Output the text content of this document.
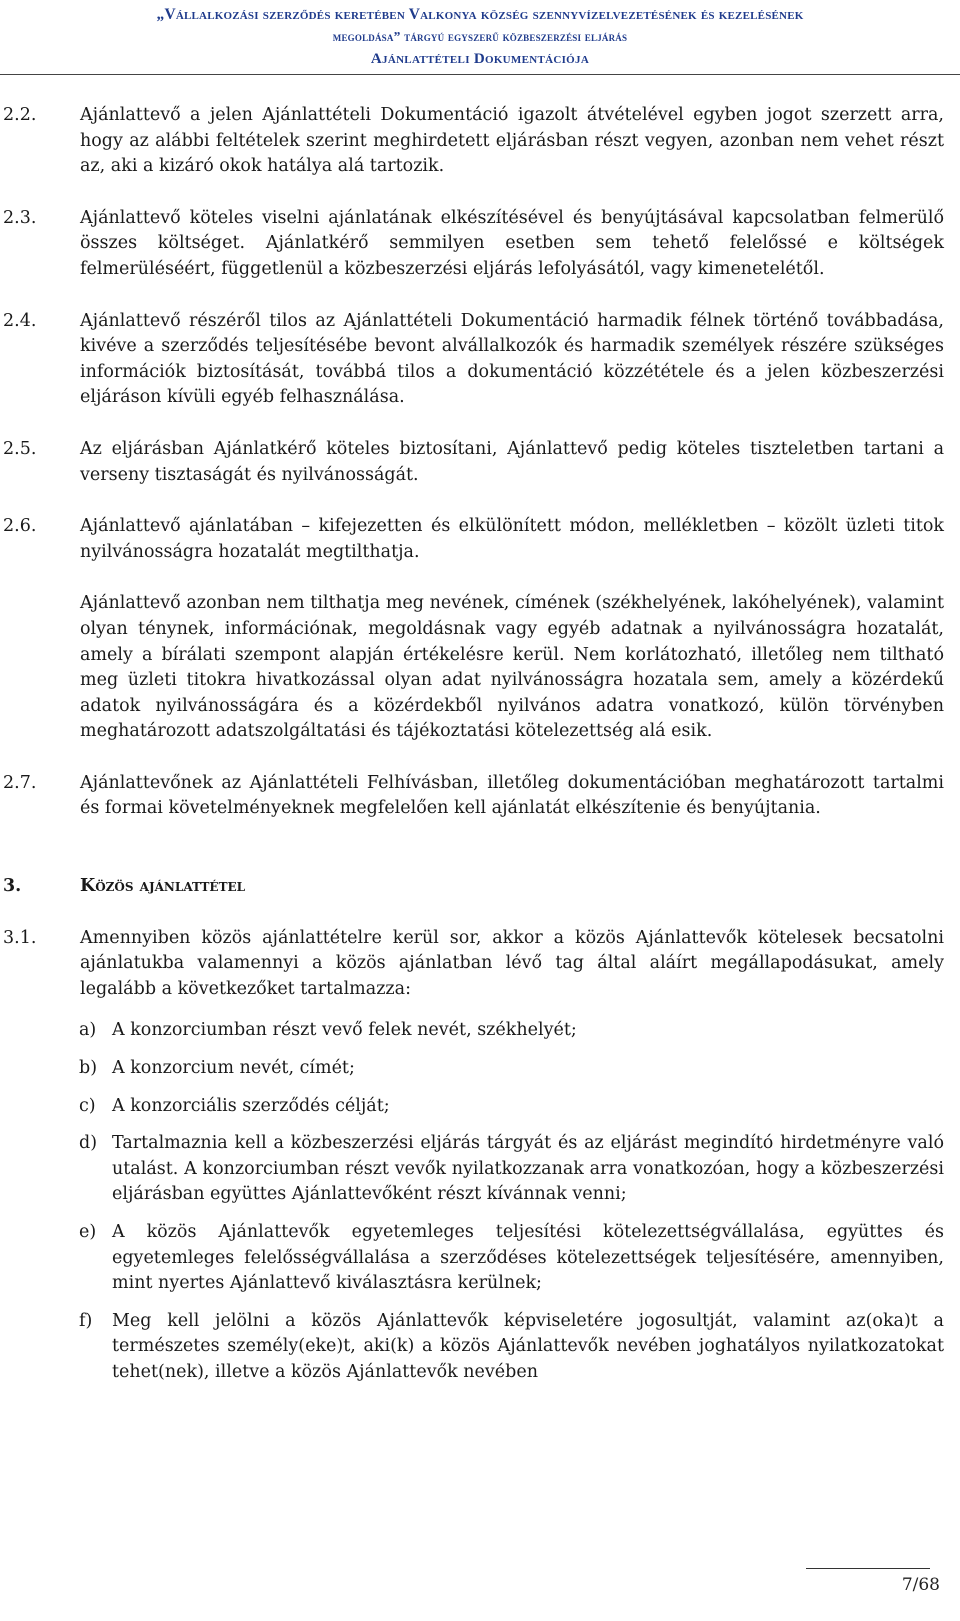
„Vállalkozási szerződés keretében Valkonya község szennyvízelvezetésének és kezelésének
megoldása” tárgyú egyszerű közbeszerzési eljárás
Ajánlattételi Dokumentációja
2.2. Ajánlattevő a jelen Ajánlattételi Dokumentáció igazolt átvételével egyben jogot szerzett arra, hogy az alábbi feltételek szerint meghirdetett eljárásban részt vegyen, azonban nem vehet részt az, aki a kizáró okok hatálya alá tartozik.
2.3. Ajánlattevő köteles viselni ajánlatának elkészítésével és benyújtásával kapcsolatban felmerülő összes költséget. Ajánlatkérő semmilyen esetben sem tehető felelőssé e költségek felmerüléséért, függetlenül a közbeszerzési eljárás lefolyásától, vagy kimenetelétől.
2.4. Ajánlattevő részéről tilos az Ajánlattételi Dokumentáció harmadik félnek történő továbbadása, kivéve a szerződés teljesítésébe bevont alvállalkozók és harmadik személyek részére szükséges információk biztosítását, továbbá tilos a dokumentáció közzététele és a jelen közbeszerzési eljáráson kívüli egyéb felhasználása.
2.5. Az eljárásban Ajánlatkérő köteles biztosítani, Ajánlattevő pedig köteles tiszteletben tartani a verseny tisztaságát és nyilvánosságát.
2.6. Ajánlattevő ajánlatában – kifejezetten és elkülönített módon, mellékletben – közölt üzleti titok nyilvánosságra hozatalát megtilthatja.
Ajánlattevő azonban nem tilthatja meg nevének, címének (székhelyének, lakóhelyének), valamint olyan ténynek, információnak, megoldásnak vagy egyéb adatnak a nyilvánosságra hozatalát, amely a bírálati szempont alapján értékelésre kerül. Nem korlátozható, illetőleg nem tiltható meg üzleti titokra hivatkozással olyan adat nyilvánosságra hozatala sem, amely a közérdekű adatok nyilvánosságára és a közérdekből nyilvános adatra vonatkozó, külön törvényben meghatározott adatszolgáltatási és tájékoztatási kötelezettség alá esik.
2.7. Ajánlattevőnek az Ajánlattételi Felhívásban, illetőleg dokumentációban meghatározott tartalmi és formai követelményeknek megfelelően kell ajánlatát elkészítenie és benyújtania.
3.	Közös ajánlattétel
3.1. Amennyiben közös ajánlattételre kerül sor, akkor a közös Ajánlattevők kötelesek becsatolni ajánlatukba valamennyi a közös ajánlatban lévő tag által aláírt megállapodásukat, amely legalább a következőket tartalmazza:
a) A konzorciumban részt vevő felek nevét, székhelyét;
b) A konzorcium nevét, címét;
c) A konzorciális szerződés célját;
d) Tartalmaznia kell a közbeszerzési eljárás tárgyát és az eljárást megindító hirdetményre való utalást. A konzorciumban részt vevők nyilatkozzanak arra vonatkozóan, hogy a közbeszerzési eljárásban együttes Ajánlattevőként részt kívánnak venni;
e) A közös Ajánlattevők egyetemleges teljesítési kötelezettségvállalása, együttes és egyetemleges felelősségvállalása a szerződéses kötelezettségek teljesítésére, amennyiben, mint nyertes Ajánlattevő kiválasztásra kerülnek;
f) Meg kell jelölni a közös Ajánlattevők képviseletére jogosultját, valamint az(oka)t a természetes személy(eke)t, aki(k) a közös Ajánlattevők nevében joghatályos nyilatkozatokat tehet(nek), illetve a közös Ajánlattevők nevében
7/68
